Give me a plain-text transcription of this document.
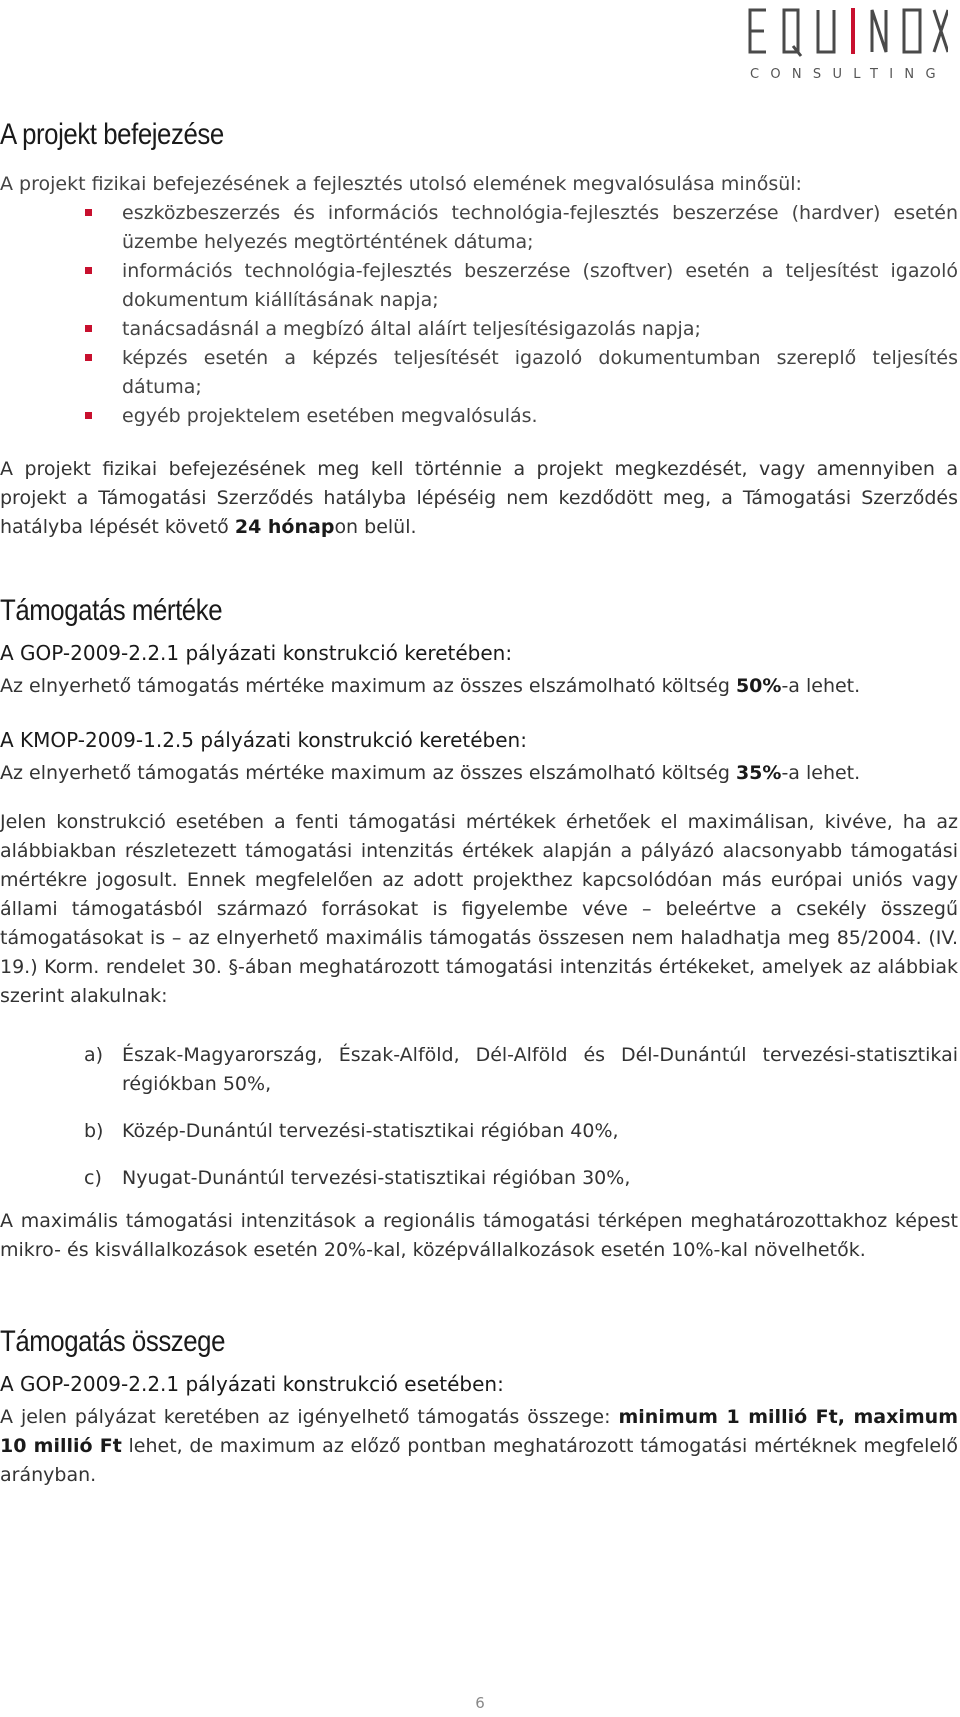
CONSULTING
A projekt befejezése

A projekt fizikai befejezésének a fejlesztés utolsó elemének megvalósulása minősül:

eszközbeszerzés és információs technológia-fejlesztés beszerzése (hardver) esetén üzembe helyezés megtörténtének dátuma;
információs technológia-fejlesztés beszerzése (szoftver) esetén a teljesítést igazoló dokumentum kiállításának napja;
tanácsadásnál a megbízó által aláírt teljesítésigazolás napja;
képzés esetén a képzés teljesítését igazoló dokumentumban szereplő teljesítés dátuma;
egyéb projektelem esetében megvalósulás.

A projekt fizikai befejezésének meg kell történnie a projekt megkezdését, vagy amennyiben a projekt a Támogatási Szerződés hatályba lépéséig nem kezdődött meg, a Támogatási Szerződés hatályba lépését követő 24 hónapon belül.

Támogatás mértéke

A GOP-2009-2.2.1 pályázati konstrukció keretében:

Az elnyerhető támogatás mértéke maximum az összes elszámolható költség 50%-a lehet.

A KMOP-2009-1.2.5 pályázati konstrukció keretében:

Az elnyerhető támogatás mértéke maximum az összes elszámolható költség 35%-a lehet.

Jelen konstrukció esetében a fenti támogatási mértékek érhetőek el maximálisan, kivéve, ha az alábbiakban részletezett támogatási intenzitás értékek alapján a pályázó alacsonyabb támogatási mértékre jogosult. Ennek megfelelően az adott projekthez kapcsolódóan más európai uniós vagy állami támogatásból származó forrásokat is figyelembe véve – beleértve a csekély összegű támogatásokat is – az elnyerhető maximális támogatás összesen nem haladhatja meg 85/2004. (IV. 19.) Korm. rendelet 30. §-ában meghatározott támogatási intenzitás értékeket, amelyek az alábbiak szerint alakulnak:

a) Észak-Magyarország, Észak-Alföld, Dél-Alföld és Dél-Dunántúl tervezési-statisztikai régiókban 50%,
b) Közép-Dunántúl tervezési-statisztikai régióban 40%,
c) Nyugat-Dunántúl tervezési-statisztikai régióban 30%,

A maximális támogatási intenzitások a regionális támogatási térképen meghatározottakhoz képest mikro- és kisvállalkozások esetén 20%-kal, középvállalkozások esetén 10%-kal növelhetők.

Támogatás összege

A GOP-2009-2.2.1 pályázati konstrukció esetében:

A jelen pályázat keretében az igényelhető támogatás összege: minimum 1 millió Ft, maximum 10 millió Ft lehet, de maximum az előző pontban meghatározott támogatási mértéknek megfelelő arányban.

6
